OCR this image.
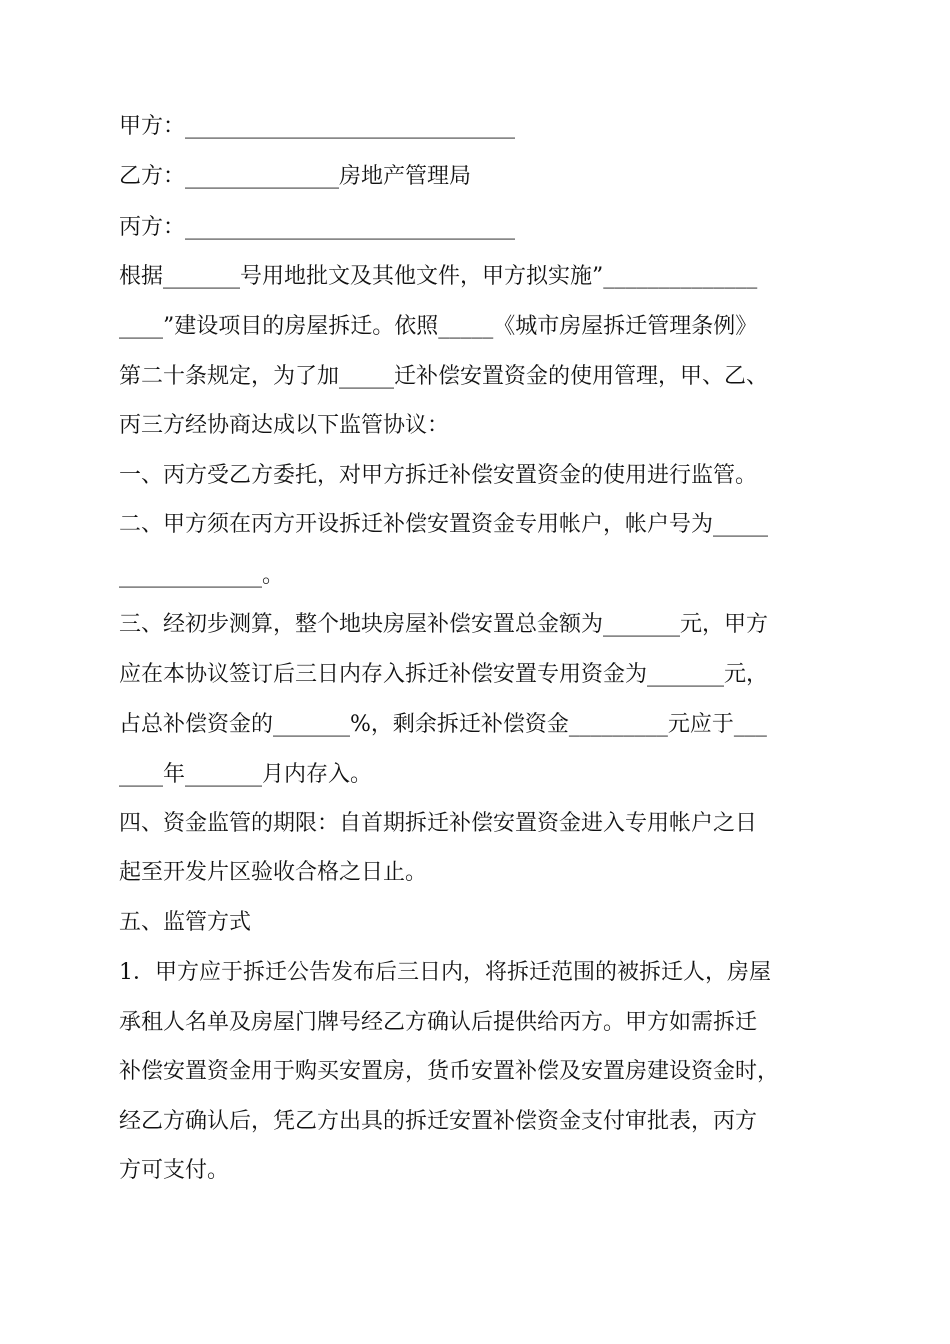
甲方：______________________________

乙方：______________房地产管理局

丙方：______________________________

根据_______号用地批文及其他文件，甲方拟实施”______________

____”建设项目的房屋拆迁。依照_____《城市房屋拆迁管理条例》

第二十条规定，为了加_____迁补偿安置资金的使用管理，甲、乙、

丙三方经协商达成以下监管协议：

一、丙方受乙方委托，对甲方拆迁补偿安置资金的使用进行监管。

二、甲方须在丙方开设拆迁补偿安置资金专用帐户，帐户号为_____

_____________。

三、经初步测算，整个地块房屋补偿安置总金额为_______元，甲方

应在本协议签订后三日内存入拆迁补偿安置专用资金为_______元，

占总补偿资金的_______%，剩余拆迁补偿资金_________元应于___

____年_______月内存入。

四、资金监管的期限：自首期拆迁补偿安置资金进入专用帐户之日

起至开发片区验收合格之日止。

五、监管方式

1．甲方应于拆迁公告发布后三日内，将拆迁范围的被拆迁人，房屋

承租人名单及房屋门牌号经乙方确认后提供给丙方。甲方如需拆迁

补偿安置资金用于购买安置房，货币安置补偿及安置房建设资金时，

经乙方确认后，凭乙方出具的拆迁安置补偿资金支付审批表，丙方

方可支付。
